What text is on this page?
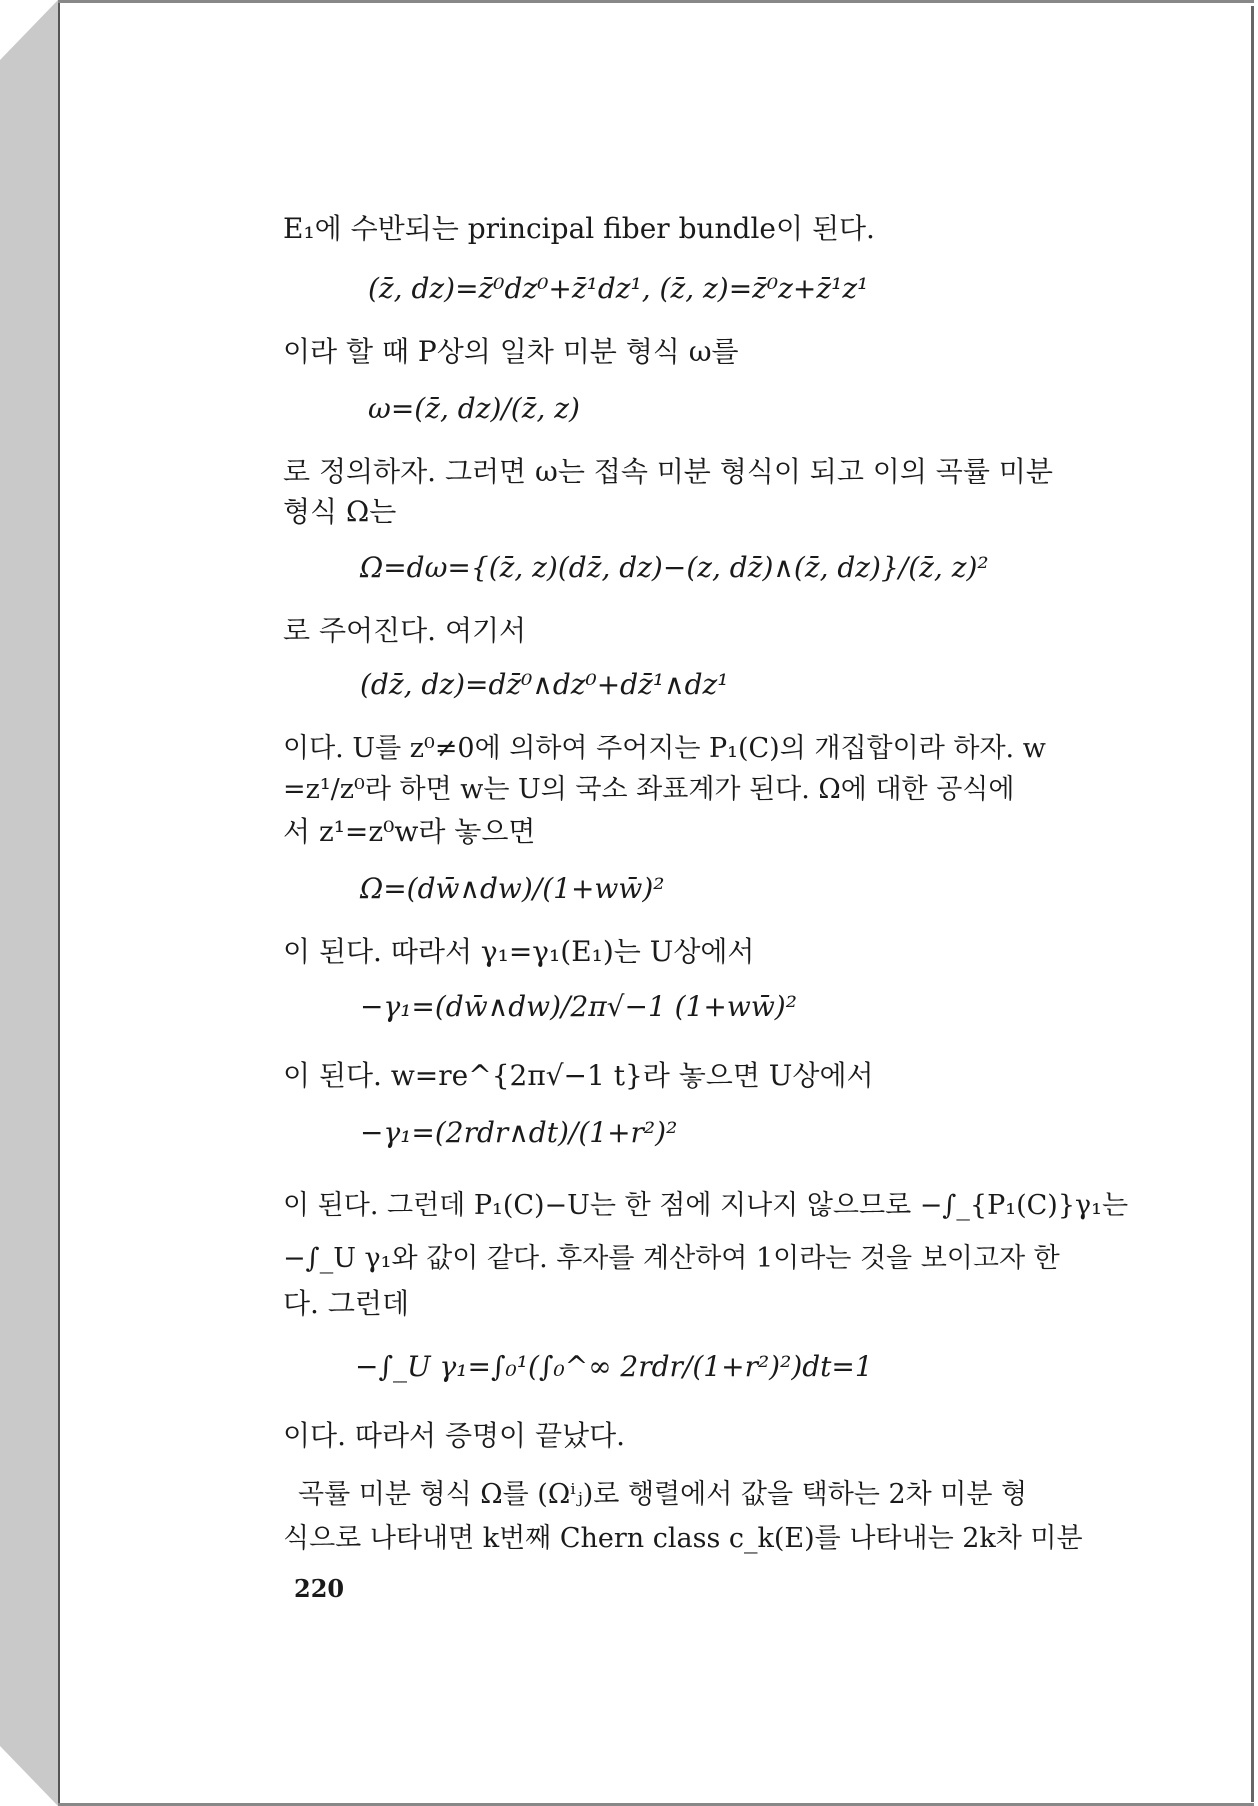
E₁에 수반되는 principal fiber bundle이 된다.
(z̄, dz)=z̄⁰dz⁰+z̄¹dz¹, (z̄, z)=z̄⁰z+z̄¹z¹
이라 할 때 P상의 일차 미분 형식 ω를
ω=(z̄, dz)/(z̄, z)
로 정의하자. 그러면 ω는 접속 미분 형식이 되고 이의 곡률 미분
형식 Ω는
Ω=dω={(z̄, z)(dz̄, dz)−(z, dz̄)∧(z̄, dz)}/(z̄, z)²
로 주어진다. 여기서
(dz̄, dz)=dz̄⁰∧dz⁰+dz̄¹∧dz¹
이다. U를 z⁰≠0에 의하여 주어지는 P₁(C)의 개집합이라 하자. w
=z¹/z⁰라 하면 w는 U의 국소 좌표계가 된다. Ω에 대한 공식에
서 z¹=z⁰w라 놓으면
Ω=(dw̄∧dw)/(1+ww̄)²
이 된다. 따라서 γ₁=γ₁(E₁)는 U상에서
−γ₁=(dw̄∧dw)/2π√−1 (1+ww̄)²
이 된다. w=re^{2π√−1 t}라 놓으면 U상에서
−γ₁=(2rdr∧dt)/(1+r²)²
이 된다. 그런데 P₁(C)−U는 한 점에 지나지 않으므로 −∫_{P₁(C)}γ₁는
−∫_U γ₁와 값이 같다. 후자를 계산하여 1이라는 것을 보이고자 한
다. 그런데
−∫_U γ₁=∫₀¹(∫₀^∞ 2rdr/(1+r²)²)dt=1
이다. 따라서 증명이 끝났다.
곡률 미분 형식 Ω를 (Ωⁱⱼ)로 행렬에서 값을 택하는 2차 미분 형
식으로 나타내면 k번째 Chern class c_k(E)를 나타내는 2k차 미분
220
